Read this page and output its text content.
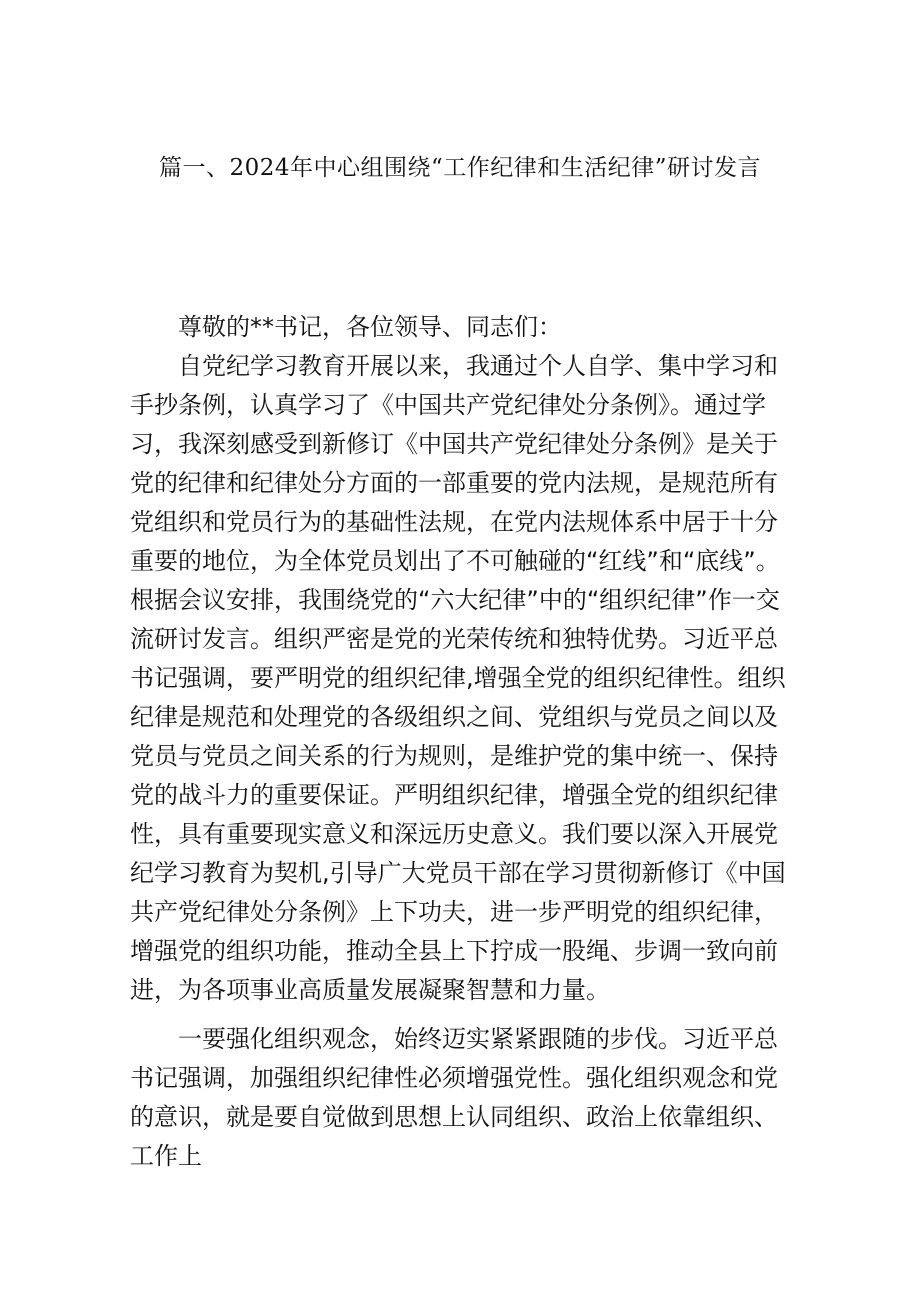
篇一、2024年中心组围绕“工作纪律和生活纪律”研讨发言

尊敬的**书记，各位领导、同志们：

自党纪学习教育开展以来，我通过个人自学、集中学习和手抄条例，认真学习了《中国共产党纪律处分条例》。通过学习，我深刻感受到新修订《中国共产党纪律处分条例》是关于党的纪律和纪律处分方面的一部重要的党内法规，是规范所有党组织和党员行为的基础性法规，在党内法规体系中居于十分重要的地位，为全体党员划出了不可触碰的“红线”和“底线”。根据会议安排，我围绕党的“六大纪律”中的“组织纪律”作一交流研讨发言。组织严密是党的光荣传统和独特优势。习近平总书记强调，要严明党的组织纪律,增强全党的组织纪律性。组织纪律是规范和处理党的各级组织之间、党组织与党员之间以及党员与党员之间关系的行为规则，是维护党的集中统一、保持党的战斗力的重要保证。严明组织纪律，增强全党的组织纪律性，具有重要现实意义和深远历史意义。我们要以深入开展党纪学习教育为契机,引导广大党员干部在学习贯彻新修订《中国共产党纪律处分条例》上下功夫，进一步严明党的组织纪律，增强党的组织功能，推动全县上下拧成一股绳、步调一致向前进，为各项事业高质量发展凝聚智慧和力量。

一要强化组织观念，始终迈实紧紧跟随的步伐。习近平总书记强调，加强组织纪律性必须增强党性。强化组织观念和党的意识，就是要自觉做到思想上认同组织、政治上依靠组织、工作上
